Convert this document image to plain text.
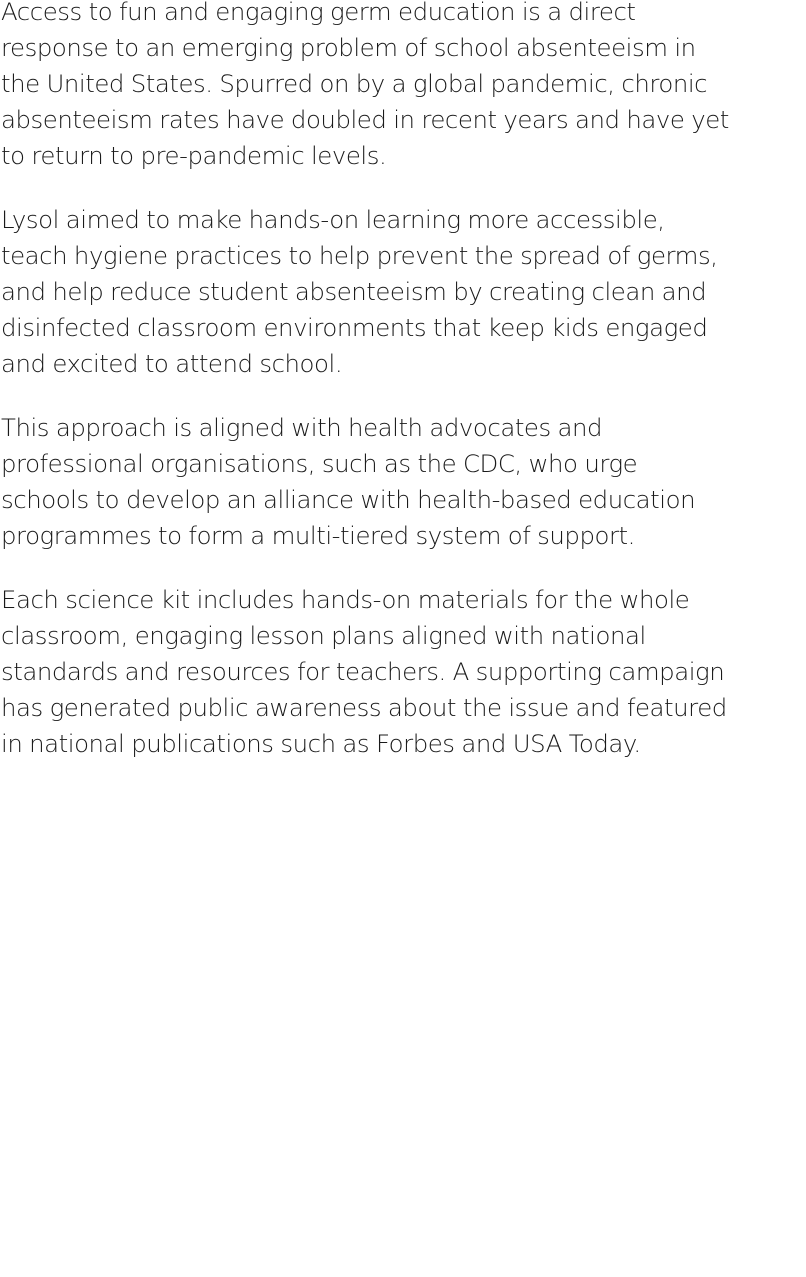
Access to fun and engaging germ education is a direct
response to an emerging problem of school absenteeism in
the United States. Spurred on by a global pandemic, chronic
absenteeism rates have doubled in recent years and have yet
to return to pre-pandemic levels.

Lysol aimed to make hands-on learning more accessible,
teach hygiene practices to help prevent the spread of germs,
and help reduce student absenteeism by creating clean and
disinfected classroom environments that keep kids engaged
and excited to attend school.

This approach is aligned with health advocates and
professional organisations, such as the CDC, who urge
schools to develop an alliance with health-based education
programmes to form a multi-tiered system of support.

Each science kit includes hands-on materials for the whole
classroom, engaging lesson plans aligned with national
standards and resources for teachers. A supporting campaign
has generated public awareness about the issue and featured
in national publications such as Forbes and USA Today.
